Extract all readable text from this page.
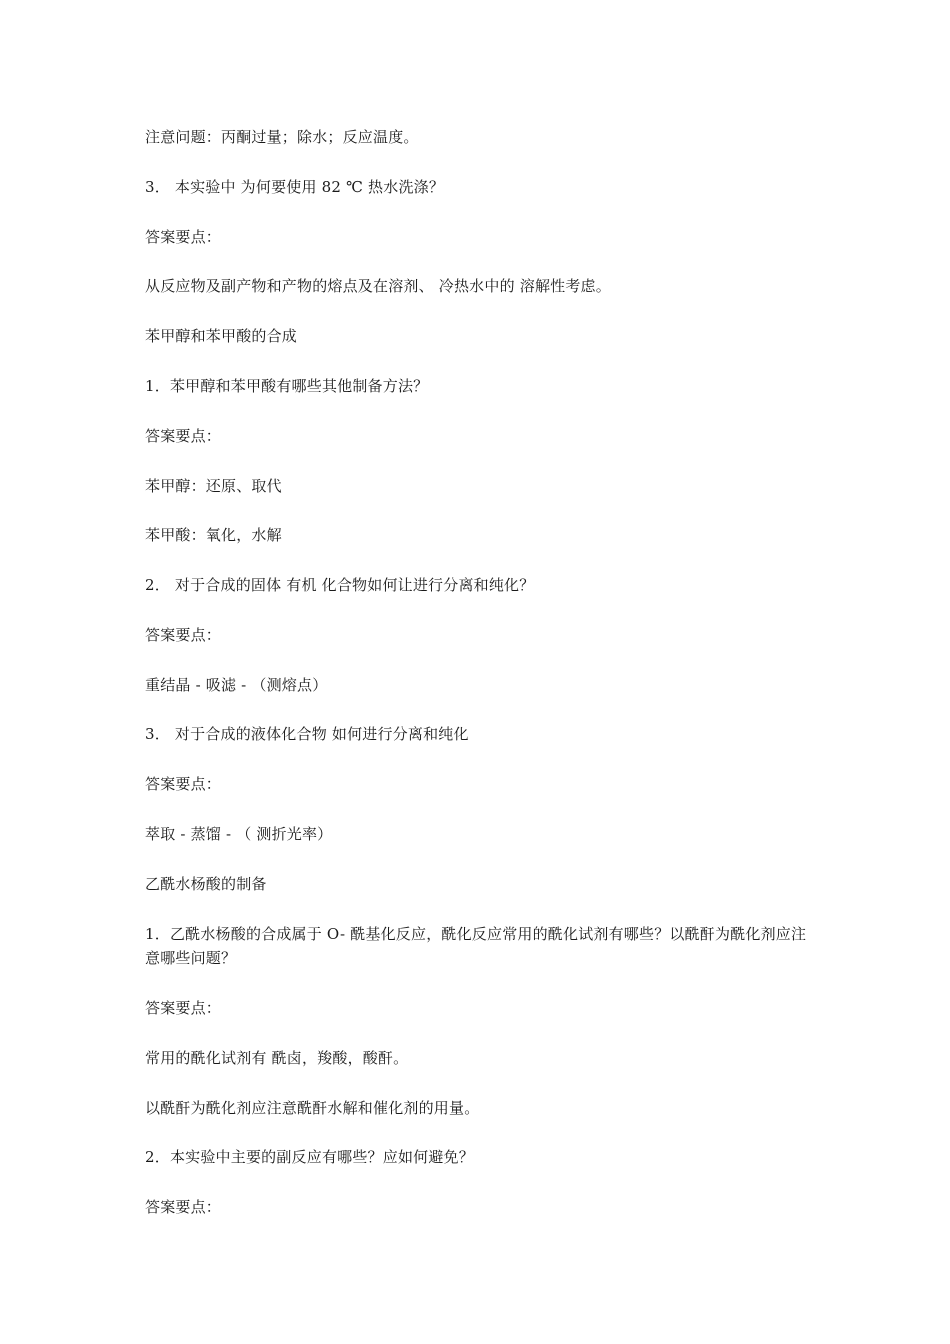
注意问题：丙酮过量；除水；反应温度。
3． 本实验中 为何要使用 82 ℃ 热水洗涤？
答案要点：
从反应物及副产物和产物的熔点及在溶剂、 冷热水中的 溶解性考虑。
苯甲醇和苯甲酸的合成
1．苯甲醇和苯甲酸有哪些其他制备方法？
答案要点：
苯甲醇：还原、取代
苯甲酸：氧化，水解
2． 对于合成的固体 有机 化合物如何让进行分离和纯化？
答案要点：
重结晶 - 吸滤 - （测熔点）
3． 对于合成的液体化合物 如何进行分离和纯化
答案要点：
萃取 - 蒸馏 - （ 测折光率）
乙酰水杨酸的制备
1．乙酰水杨酸的合成属于 O- 酰基化反应，酰化反应常用的酰化试剂有哪些？以酰酐为酰化剂应注意哪些问题？
答案要点：
常用的酰化试剂有 酰卤，羧酸，酸酐。
以酰酐为酰化剂应注意酰酐水解和催化剂的用量。
2．本实验中主要的副反应有哪些？应如何避免？
答案要点：
